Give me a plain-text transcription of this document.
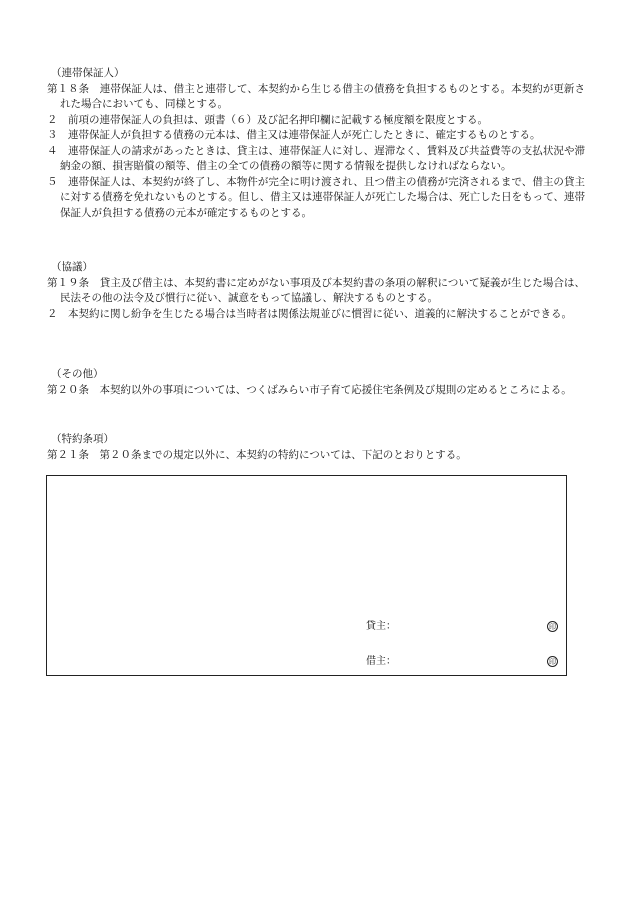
（連帯保証人）

第１８条　連帯保証人は、借主と連帯して、本契約から生じる借主の債務を負担するものとする。本契約が更新された場合においても、同様とする。

２　前項の連帯保証人の負担は、頭書（６）及び記名押印欄に記載する極度額を限度とする。

３　連帯保証人が負担する債務の元本は、借主又は連帯保証人が死亡したときに、確定するものとする。

４　連帯保証人の請求があったときは、貸主は、連帯保証人に対し、遅滞なく、賃料及び共益費等の支払状況や滞納金の額、損害賠償の額等、借主の全ての債務の額等に関する情報を提供しなければならない。

５　連帯保証人は、本契約が終了し、本物件が完全に明け渡され、且つ借主の債務が完済されるまで、借主の貸主に対する債務を免れないものとする。但し、借主又は連帯保証人が死亡した場合は、死亡した日をもって、連帯保証人が負担する債務の元本が確定するものとする。

（協議）

第１９条　貸主及び借主は、本契約書に定めがない事項及び本契約書の条項の解釈について疑義が生じた場合は、民法その他の法令及び慣行に従い、誠意をもって協議し、解決するものとする。

２　本契約に関し紛争を生じたる場合は当時者は関係法規並びに慣習に従い、道義的に解決することができる。

（その他）

第２０条　本契約以外の事項については、つくばみらい市子育て応援住宅条例及び規則の定めるところによる。

（特約条項）

第２１条　第２０条までの規定以外に、本契約の特約については、下記のとおりとする。

貸主：	印
借主：	印
